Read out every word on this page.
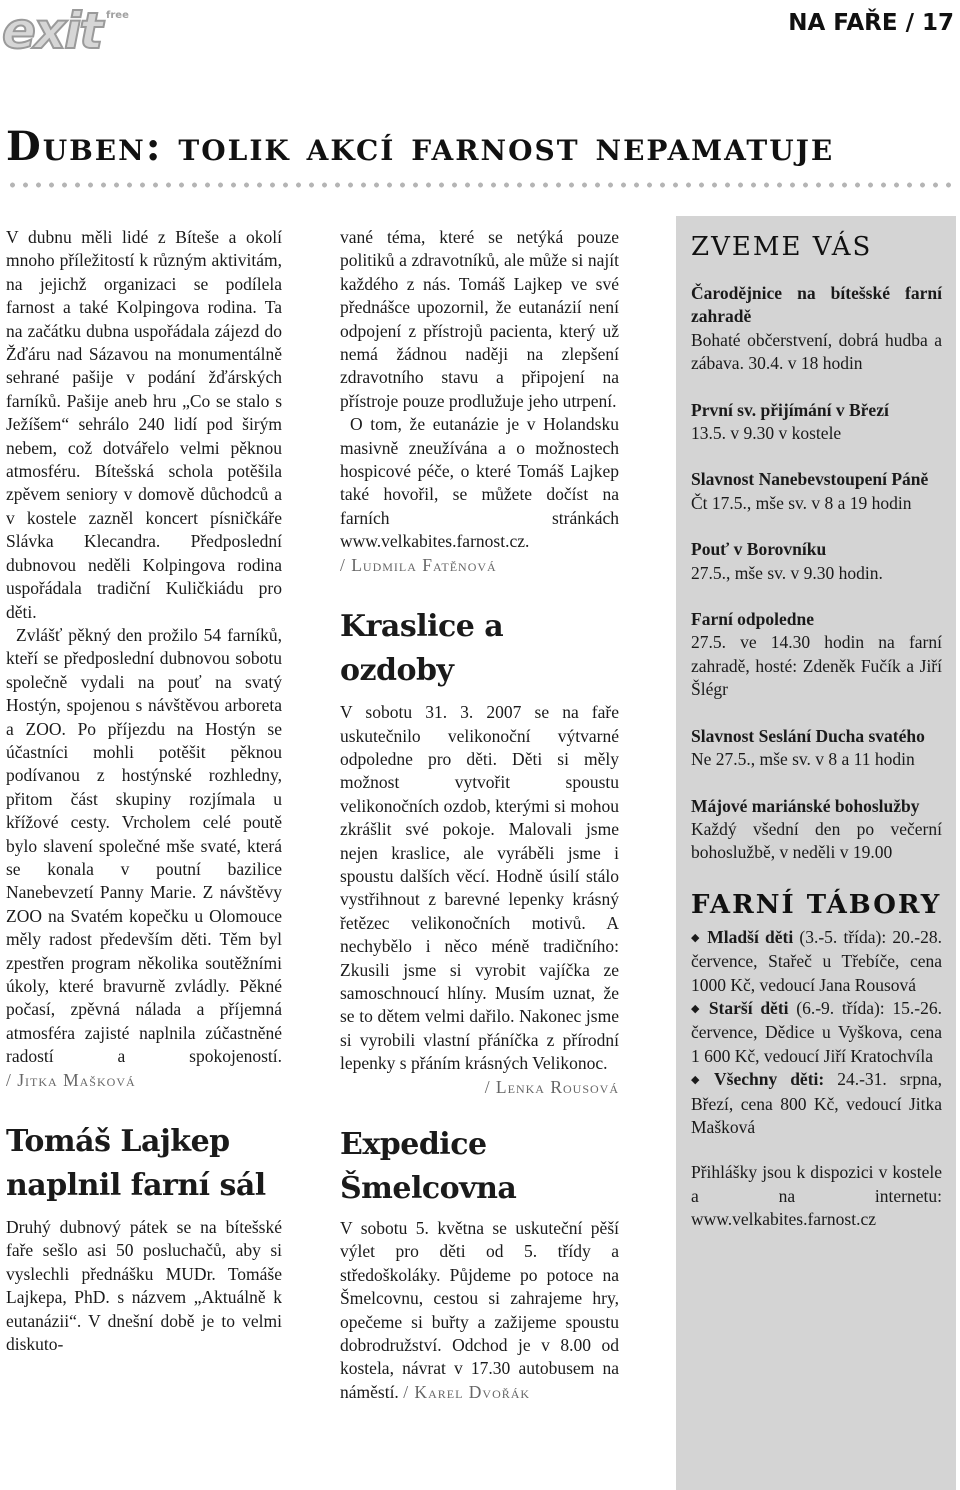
exit free	NA FAŘE / 17
Duben: tolik akcí farnost nepamatuje

V dubnu měli lidé z Bíteše a okolí mnoho příležitostí k různým aktivitám, na jejichž organizaci se podílela farnost a také Kolpingova rodina. Ta na začátku dubna uspořádala zájezd do Žďáru nad Sázavou na monumentálně sehrané pašije v podání žďárských farníků. Pašije aneb hru „Co se stalo s Ježíšem“ sehrálo 240 lidí pod širým nebem, což dotvářelo velmi pěknou atmosféru. Bítešská schola potěšila zpěvem seniory v domově důchodců a v kostele zazněl koncert písničkáře Slávka Klecandra. Předposlední dubnovou neděli Kolpingova rodina uspořádala tradiční Kuličkiádu pro děti.

Zvlášť pěkný den prožilo 54 farníků, kteří se předposlední dubnovou sobotu společně vydali na pouť na svatý Hostýn, spojenou s návštěvou arboreta a ZOO. Po příjezdu na Hostýn se účastníci mohli potěšit pěknou podívanou z hostýnské rozhledny, přitom část skupiny rozjímala u křížové cesty. Vrcholem celé poutě bylo slavení společné mše svaté, která se konala v poutní bazilice Nanebevzetí Panny Marie. Z návštěvy ZOO na Svatém kopečku u Olomouce měly radost především děti. Těm byl zpestřen program několika soutěžními úkoly, které bravurně zvládly. Pěkné počasí, zpěvná nálada a příjemná atmosféra zajisté naplnila zúčastněné radostí a spokojeností. / Jitka Mašková

Tomáš Lajkep naplnil farní sál

Druhý dubnový pátek se na bítešské faře sešlo asi 50 posluchačů, aby si vyslechli přednášku MUDr. Tomáše Lajkepa, PhD. s názvem „Aktuálně k eutanázii“. V dnešní době je to velmi diskuto-

vané téma, které se netýká pouze politiků a zdravotníků, ale může si najít každého z nás. Tomáš Lajkep ve své přednášce upozornil, že eutanázií není odpojení z přístrojů pacienta, který už nemá žádnou naději na zlepšení zdravotního stavu a připojení na přístroje pouze prodlužuje jeho utrpení.

O tom, že eutanázie je v Holandsku masivně zneužívána a o možnostech hospicové péče, o které Tomáš Lajkep také hovořil, se můžete dočíst na farních stránkách www.velkabites.farnost.cz. / Ludmila Fatěnová

Kraslice a ozdoby

V sobotu 31. 3. 2007 se na faře uskutečnilo velikonoční výtvarné odpoledne pro děti. Děti si měly možnost vytvořit spoustu velikonočních ozdob, kterými si mohou zkrášlit své pokoje. Malovali jsme nejen kraslice, ale vyráběli jsme i spoustu dalších věcí. Hodně úsilí stálo vystřihnout z barevné lepenky krásný řetězec velikonočních motivů. A nechybělo i něco méně tradičního: Zkusili jsme si vyrobit vajíčka ze samoschnoucí hlíny. Musím uznat, že se to dětem velmi dařilo. Nakonec jsme si vyrobili vlastní přáníčka z přírodní lepenky s přáním krásných Velikonoc.

/ Lenka Rousová
Expedice Šmelcovna

V sobotu 5. května se uskuteční pěší výlet pro děti od 5. třídy a středoškoláky. Půjdeme po potoce na Šmelcovnu, cestou si zahrajeme hry, opečeme si buřty a zažijeme spoustu dobrodružství. Odchod je v 8.00 od kostela, návrat v 17.30 autobusem na náměstí. / Karel Dvořák

ZVEME VÁS
Čarodějnice na bítešské farní zahradě
Bohaté občerstvení, dobrá hudba a zábava. 30.4. v 18 hodin
První sv. přijímání v Březí
13.5. v 9.30 v kostele
Slavnost Nanebevstoupení Páně
Čt 17.5., mše sv. v 8 a 19 hodin
Pouť v Borovníku
27.5., mše sv. v 9.30 hodin.
Farní odpoledne
27.5. ve 14.30 hodin na farní zahradě, hosté: Zdeněk Fučík a Jiří Šlégr
Slavnost Seslání Ducha svatého
Ne 27.5., mše sv. v 8 a 11 hodin
Májové mariánské bohoslužby
Každý všední den po večerní bohoslužbě, v neděli v 19.00
FARNÍ TÁBORY
◆ Mladší děti (3.-5. třída): 20.-28. července, Stařeč u Třebíče, cena 1000 Kč, vedoucí Jana Rousová
◆ Starší děti (6.-9. třída): 15.-26. července, Dědice u Vyškova, cena 1 600 Kč, vedoucí Jiří Kratochvíla
◆ Všechny děti: 24.-31. srpna, Březí, cena 800 Kč, vedoucí Jitka Mašková
Přihlášky jsou k dispozici v kostele a na internetu: www.velkabites.farnost.cz
